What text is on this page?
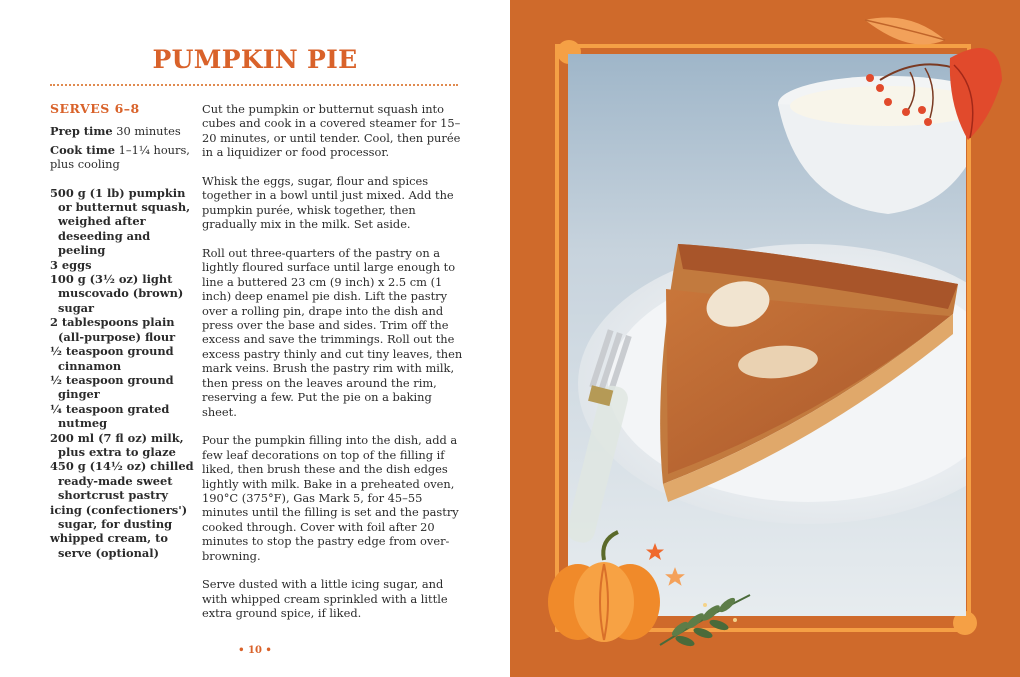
PUMPKIN PIE
SERVES 6–8
Prep time 30 minutes
Cook time 1–1¼ hours, plus cooling
500 g (1 lb) pumpkin or butternut squash, weighed after deseeding and peeling
3 eggs
100 g (3½ oz) light muscovado (brown) sugar
2 tablespoons plain (all-purpose) flour
½ teaspoon ground cinnamon
½ teaspoon ground ginger
¼ teaspoon grated nutmeg
200 ml (7 fl oz) milk, plus extra to glaze
450 g (14½ oz) chilled ready-made sweet shortcrust pastry
icing (confectioners') sugar, for dusting
whipped cream, to serve (optional)

Cut the pumpkin or butternut squash into cubes and cook in a covered steamer for 15–20 minutes, or until tender. Cool, then purée in a liquidizer or food processor.

Whisk the eggs, sugar, flour and spices together in a bowl until just mixed. Add the pumpkin purée, whisk together, then gradually mix in the milk. Set aside.

Roll out three-quarters of the pastry on a lightly floured surface until large enough to line a buttered 23 cm (9 inch) x 2.5 cm (1 inch) deep enamel pie dish. Lift the pastry over a rolling pin, drape into the dish and press over the base and sides. Trim off the excess and save the trimmings. Roll out the excess pastry thinly and cut tiny leaves, then mark veins. Brush the pastry rim with milk, then press on the leaves around the rim, reserving a few. Put the pie on a baking sheet.

Pour the pumpkin filling into the dish, add a few leaf decorations on top of the filling if liked, then brush these and the dish edges lightly with milk. Bake in a preheated oven, 190°C (375°F), Gas Mark 5, for 45–55 minutes until the filling is set and the pastry cooked through. Cover with foil after 20 minutes to stop the pastry edge from over-browning.

Serve dusted with a little icing sugar, and with whipped cream sprinkled with a little extra ground spice, if liked.

• 10 •
